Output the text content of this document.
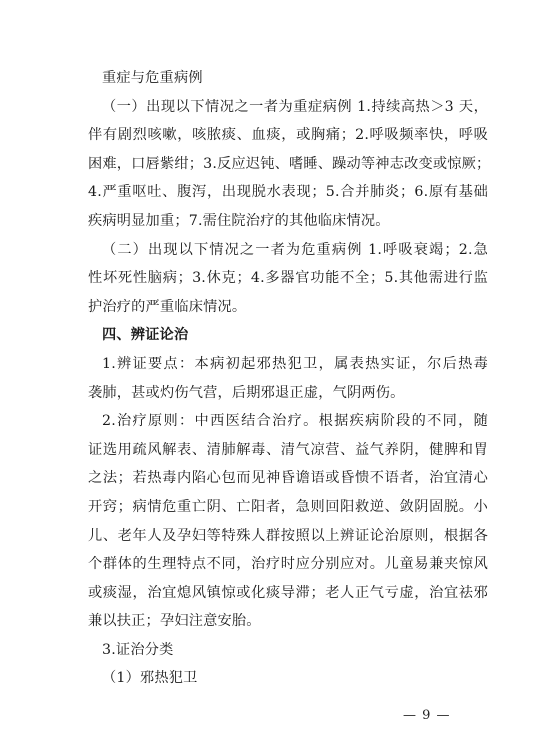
重症与危重病例
（一）出现以下情况之一者为重症病例 1.持续高热＞3 天，
伴有剧烈咳嗽，咳脓痰、血痰，或胸痛；2.呼吸频率快，呼吸
困难，口唇紫绀；3.反应迟钝、嗜睡、躁动等神志改变或惊厥；
4.严重呕吐、腹泻，出现脱水表现；5.合并肺炎；6.原有基础
疾病明显加重；7.需住院治疗的其他临床情况。
（二）出现以下情况之一者为危重病例 1.呼吸衰竭；2.急
性坏死性脑病；3.休克；4.多器官功能不全；5.其他需进行监
护治疗的严重临床情况。
四、辨证论治
1.辨证要点：本病初起邪热犯卫，属表热实证，尔后热毒
袭肺，甚或灼伤气营，后期邪退正虚，气阴两伤。
2.治疗原则：中西医结合治疗。根据疾病阶段的不同，随
证选用疏风解表、清肺解毒、清气凉营、益气养阴，健脾和胃
之法；若热毒内陷心包而见神昏谵语或昏愦不语者，治宜清心
开窍；病情危重亡阴、亡阳者，急则回阳救逆、敛阴固脱。小
儿、老年人及孕妇等特殊人群按照以上辨证论治原则，根据各
个群体的生理特点不同，治疗时应分别应对。儿童易兼夹惊风
或痰湿，治宜熄风镇惊或化痰导滞；老人正气亏虚，治宜祛邪
兼以扶正；孕妇注意安胎。
3.证治分类
（1）邪热犯卫
— 9 —
